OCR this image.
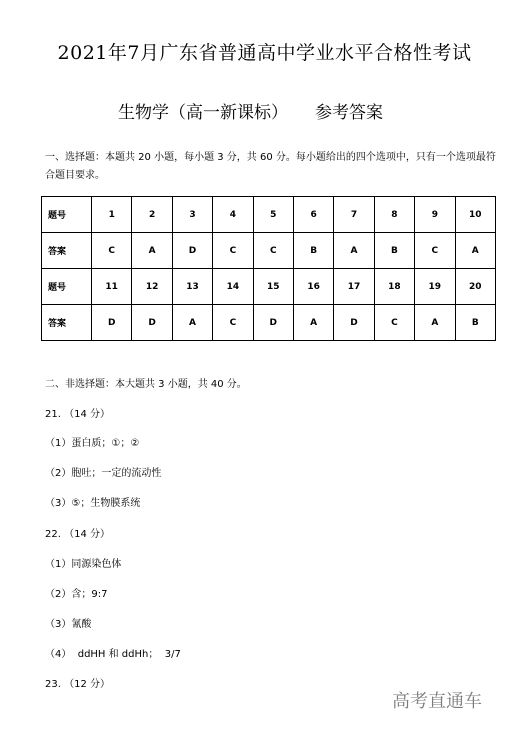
2021年7月广东省普通高中学业水平合格性考试
生物学（高一新课标）     参考答案
一、选择题：本题共 20 小题，每小题 3 分，共 60 分。每小题给出的四个选项中，只有一个选项最符合题目要求。
题号	1	2	3	4	5	6	7	8	9	10
答案	C	A	D	C	C	B	A	B	C	A
题号	11	12	13	14	15	16	17	18	19	20
答案	D	D	A	C	D	A	D	C	A	B
二、非选择题：本大题共 3 小题，共 40 分。
21. （14 分）
（1）蛋白质；①；②
（2）胞吐；一定的流动性
（3）⑤；生物膜系统
22. （14 分）
（1）同源染色体
（2）含；9:7
（3）氰酸
（4）  ddHH 和 ddHh；  3/7
23. （12 分）
高考直通车
